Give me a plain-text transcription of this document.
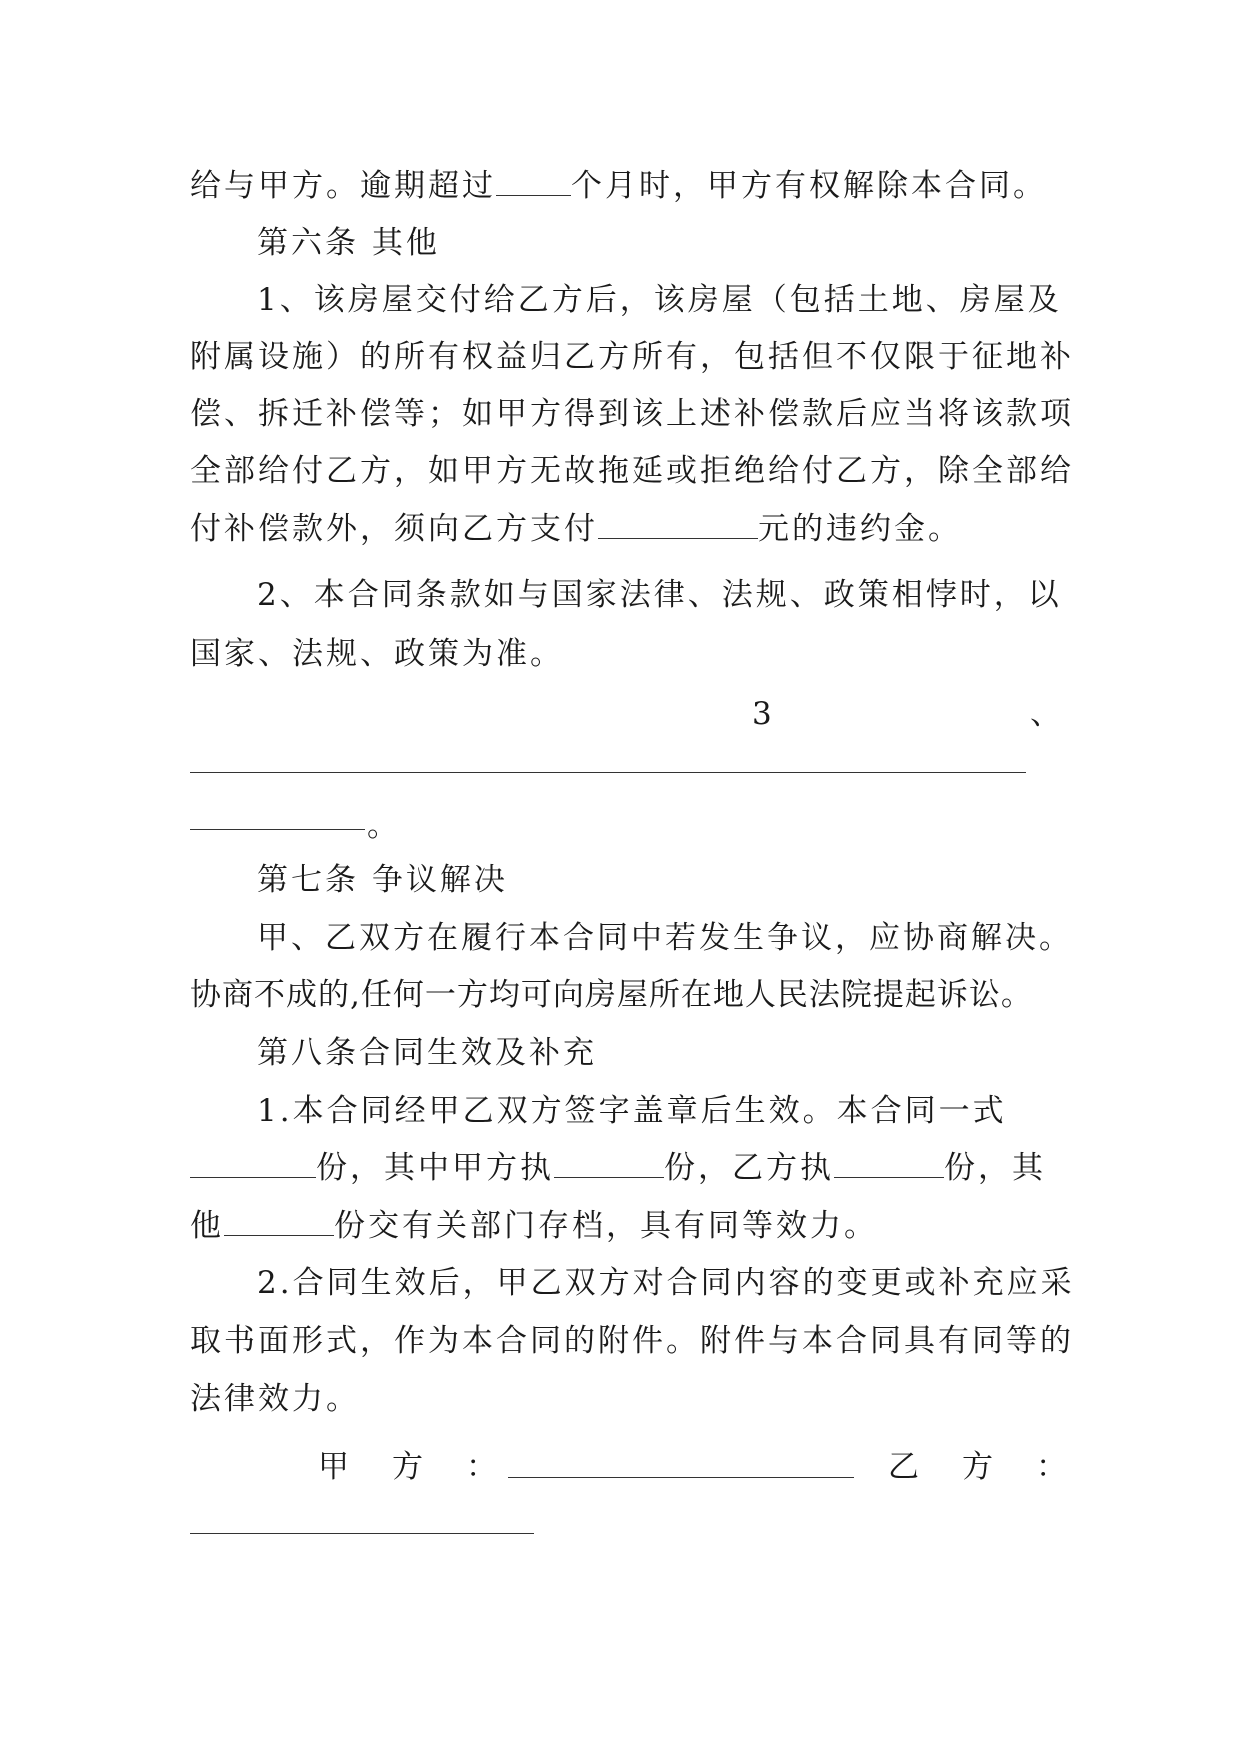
给与甲方。逾期超过 个月时，甲方有权解除本合同。
第六条 其他
1、该房屋交付给乙方后，该房屋（包括土地、房屋及
附属设施）的所有权益归乙方所有，包括但不仅限于征地补
偿、拆迁补偿等；如甲方得到该上述补偿款后应当将该款项
全部给付乙方，如甲方无故拖延或拒绝给付乙方，除全部给
付补偿款外，须向乙方支付	元的违约金。
2、本合同条款如与国家法律、法规、政策相悖时，以
国家、法规、政策为准。
3	、
。
第七条 争议解决
甲、乙双方在履行本合同中若发生争议，应协商解决。
协商不成的,任何一方均可向房屋所在地人民法院提起诉讼。
第八条合同生效及补充
1.本合同经甲乙双方签字盖章后生效。本合同一式
份，其中甲方执	份，乙方执	份，其
他	份交有关部门存档，具有同等效力。
2.合同生效后，甲乙双方对合同内容的变更或补充应采
取书面形式，作为本合同的附件。附件与本合同具有同等的
法律效力。
甲　方　：	乙　方　：
